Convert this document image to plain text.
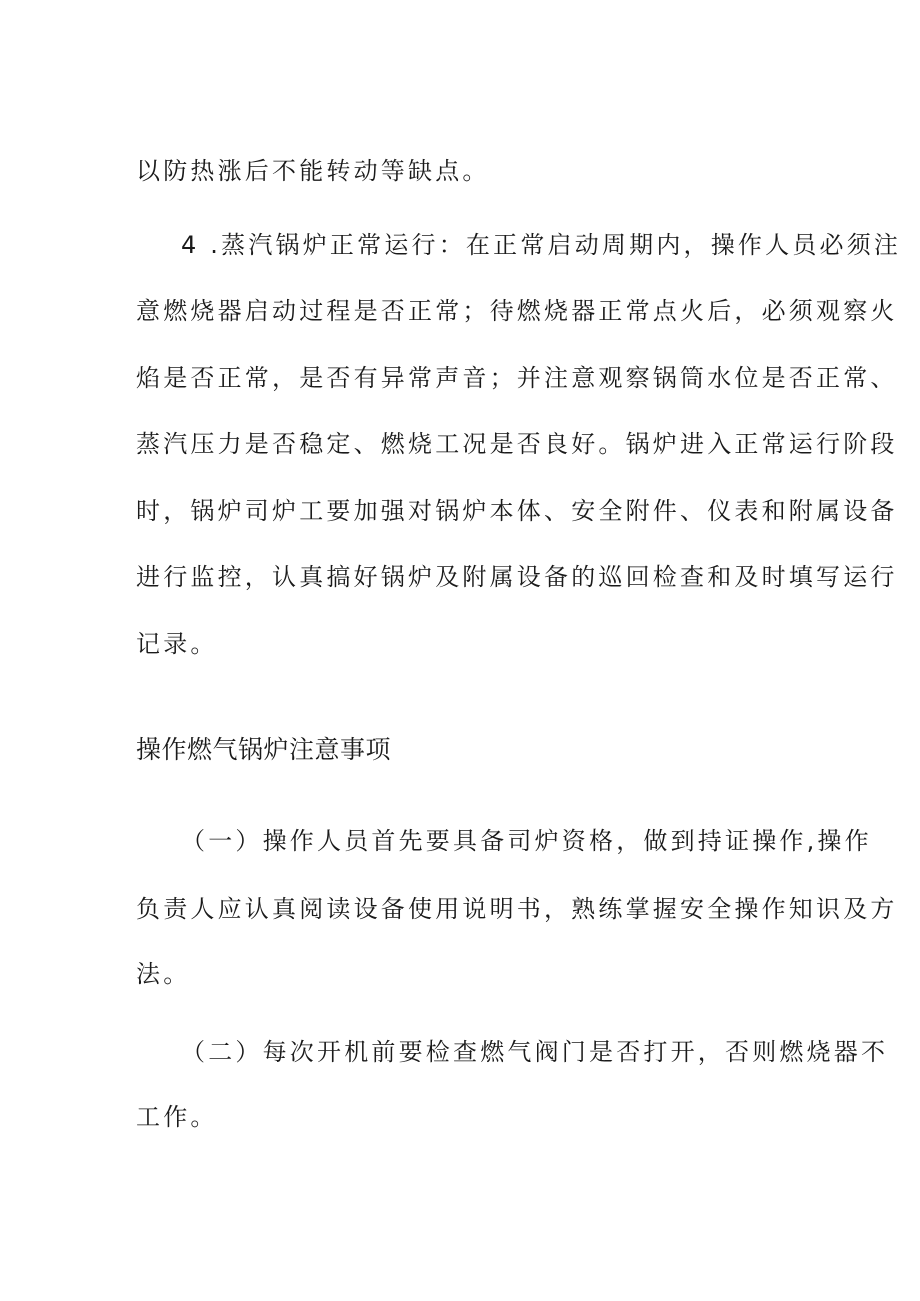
以防热涨后不能转动等缺点。
4 .蒸汽锅炉正常运行：在正常启动周期内，操作人员必须注
意燃烧器启动过程是否正常；待燃烧器正常点火后，必须观察火
焰是否正常，是否有异常声音；并注意观察锅筒水位是否正常、
蒸汽压力是否稳定、燃烧工况是否良好。锅炉进入正常运行阶段
时，锅炉司炉工要加强对锅炉本体、安全附件、仪表和附属设备
进行监控，认真搞好锅炉及附属设备的巡回检查和及时填写运行
记录。
操作燃气锅炉注意事项
（一）操作人员首先要具备司炉资格，做到持证操作,操作
负责人应认真阅读设备使用说明书，熟练掌握安全操作知识及方
法。
（二）每次开机前要检查燃气阀门是否打开，否则燃烧器不
工作。
